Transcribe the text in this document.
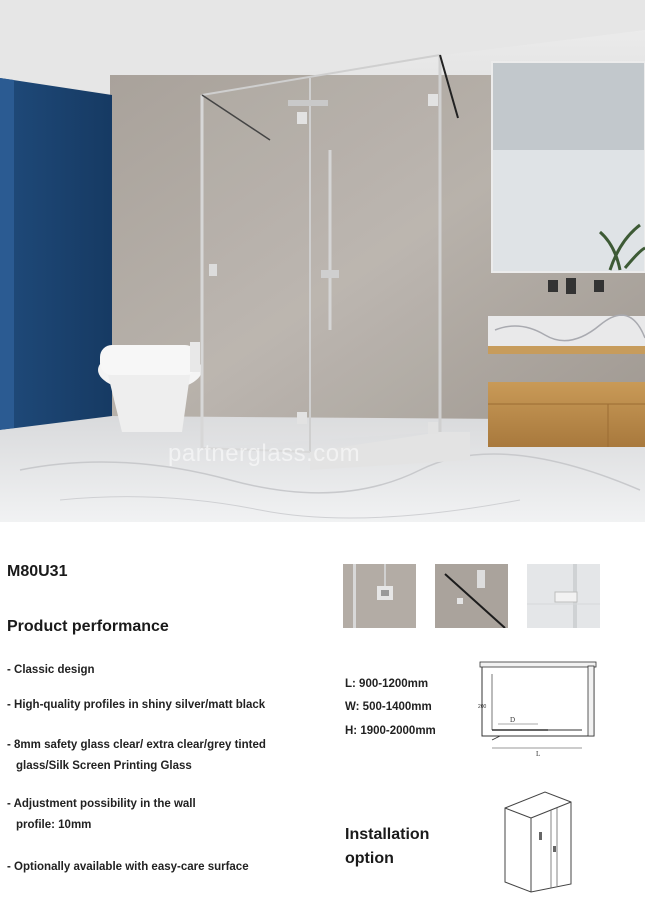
partnerglass.com
M80U31
Product performance
- Classic design
- High-quality profiles in shiny silver/matt black
- 8mm safety glass clear/ extra clear/grey tinted
glass/Silk Screen Printing Glass
- Adjustment possibility in the wall
profile: 10mm
- Optionally available with easy-care surface
L: 900-1200mm
W: 500-1400mm
H: 1900-2000mm
D
200
L
Installation
option
